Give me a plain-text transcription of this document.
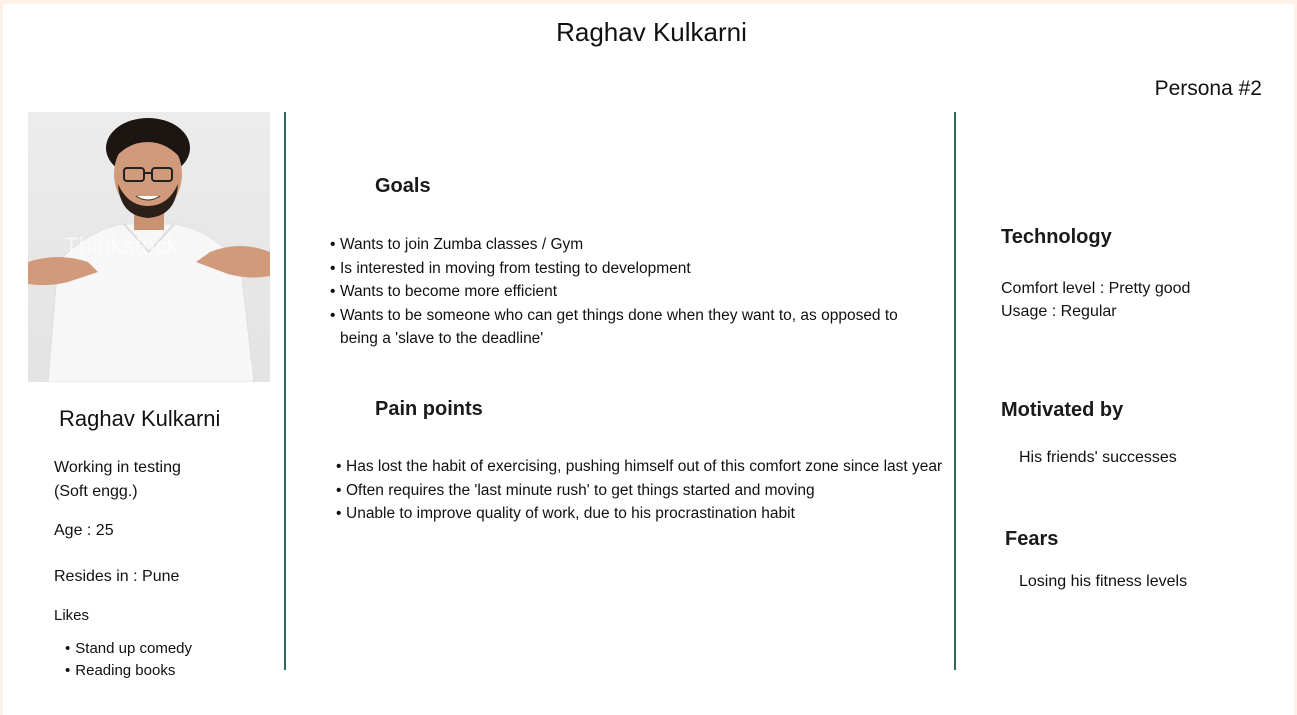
Raghav Kulkarni
Persona #2
Thinkstock
Raghav Kulkarni
Working in testing
(Soft engg.)
Age : 25
Resides in : Pune
Likes
• Stand up comedy
• Reading books
Goals
• Wants to join Zumba classes / Gym
• Is interested in moving from testing to development
• Wants to become more efficient
• Wants to be someone who can get things done when they want to, as opposed to being a 'slave to the deadline'
Pain points
• Has lost the habit of exercising, pushing himself out of this comfort zone since last year
• Often requires the 'last minute rush' to get things started and moving
• Unable to improve quality of work, due to his procrastination habit
Technology
Comfort level : Pretty good
Usage : Regular
Motivated by
His friends' successes
Fears
Losing his fitness levels
